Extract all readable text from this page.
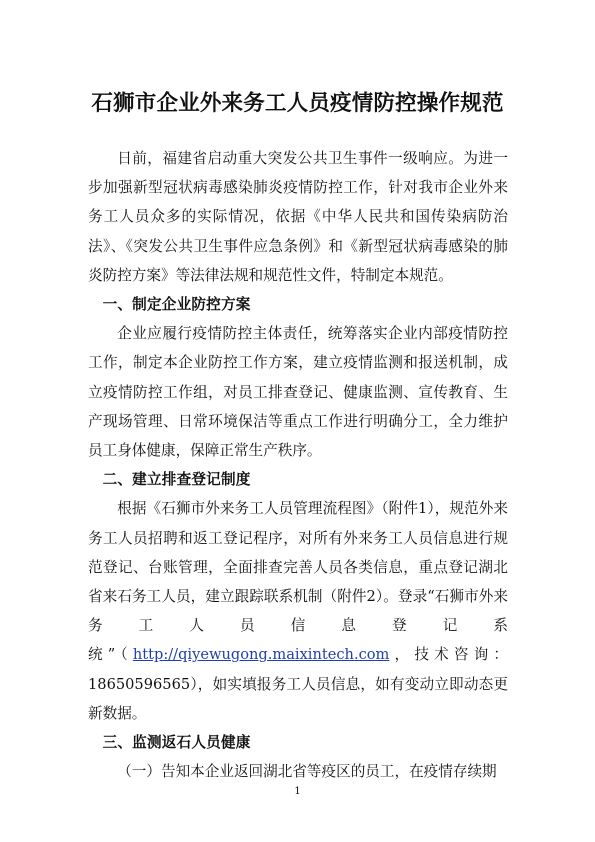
石狮市企业外来务工人员疫情防控操作规范

日前，福建省启动重大突发公共卫生事件一级响应。为进一步加强新型冠状病毒感染肺炎疫情防控工作，针对我市企业外来务工人员众多的实际情况，依据《中华人民共和国传染病防治法》、《突发公共卫生事件应急条例》和《新型冠状病毒感染的肺炎防控方案》等法律法规和规范性文件，特制定本规范。

一、制定企业防控方案

企业应履行疫情防控主体责任，统筹落实企业内部疫情防控工作，制定本企业防控工作方案，建立疫情监测和报送机制，成立疫情防控工作组，对员工排查登记、健康监测、宣传教育、生产现场管理、日常环境保洁等重点工作进行明确分工，全力维护员工身体健康，保障正常生产秩序。

二、建立排查登记制度

根据《石狮市外来务工人员管理流程图》（附件1），规范外来务工人员招聘和返工登记程序，对所有外来务工人员信息进行规范登记、台账管理，全面排查完善人员各类信息，重点登记湖北省来石务工人员，建立跟踪联系机制（附件2）。登录“石狮市外来务工人员信息登记系统”（http://qiyewugong.maixintech.com，技术咨询：18650596565），如实填报务工人员信息，如有变动立即动态更新数据。

三、监测返石人员健康

（一）告知本企业返回湖北省等疫区的员工，在疫情存续期

1
